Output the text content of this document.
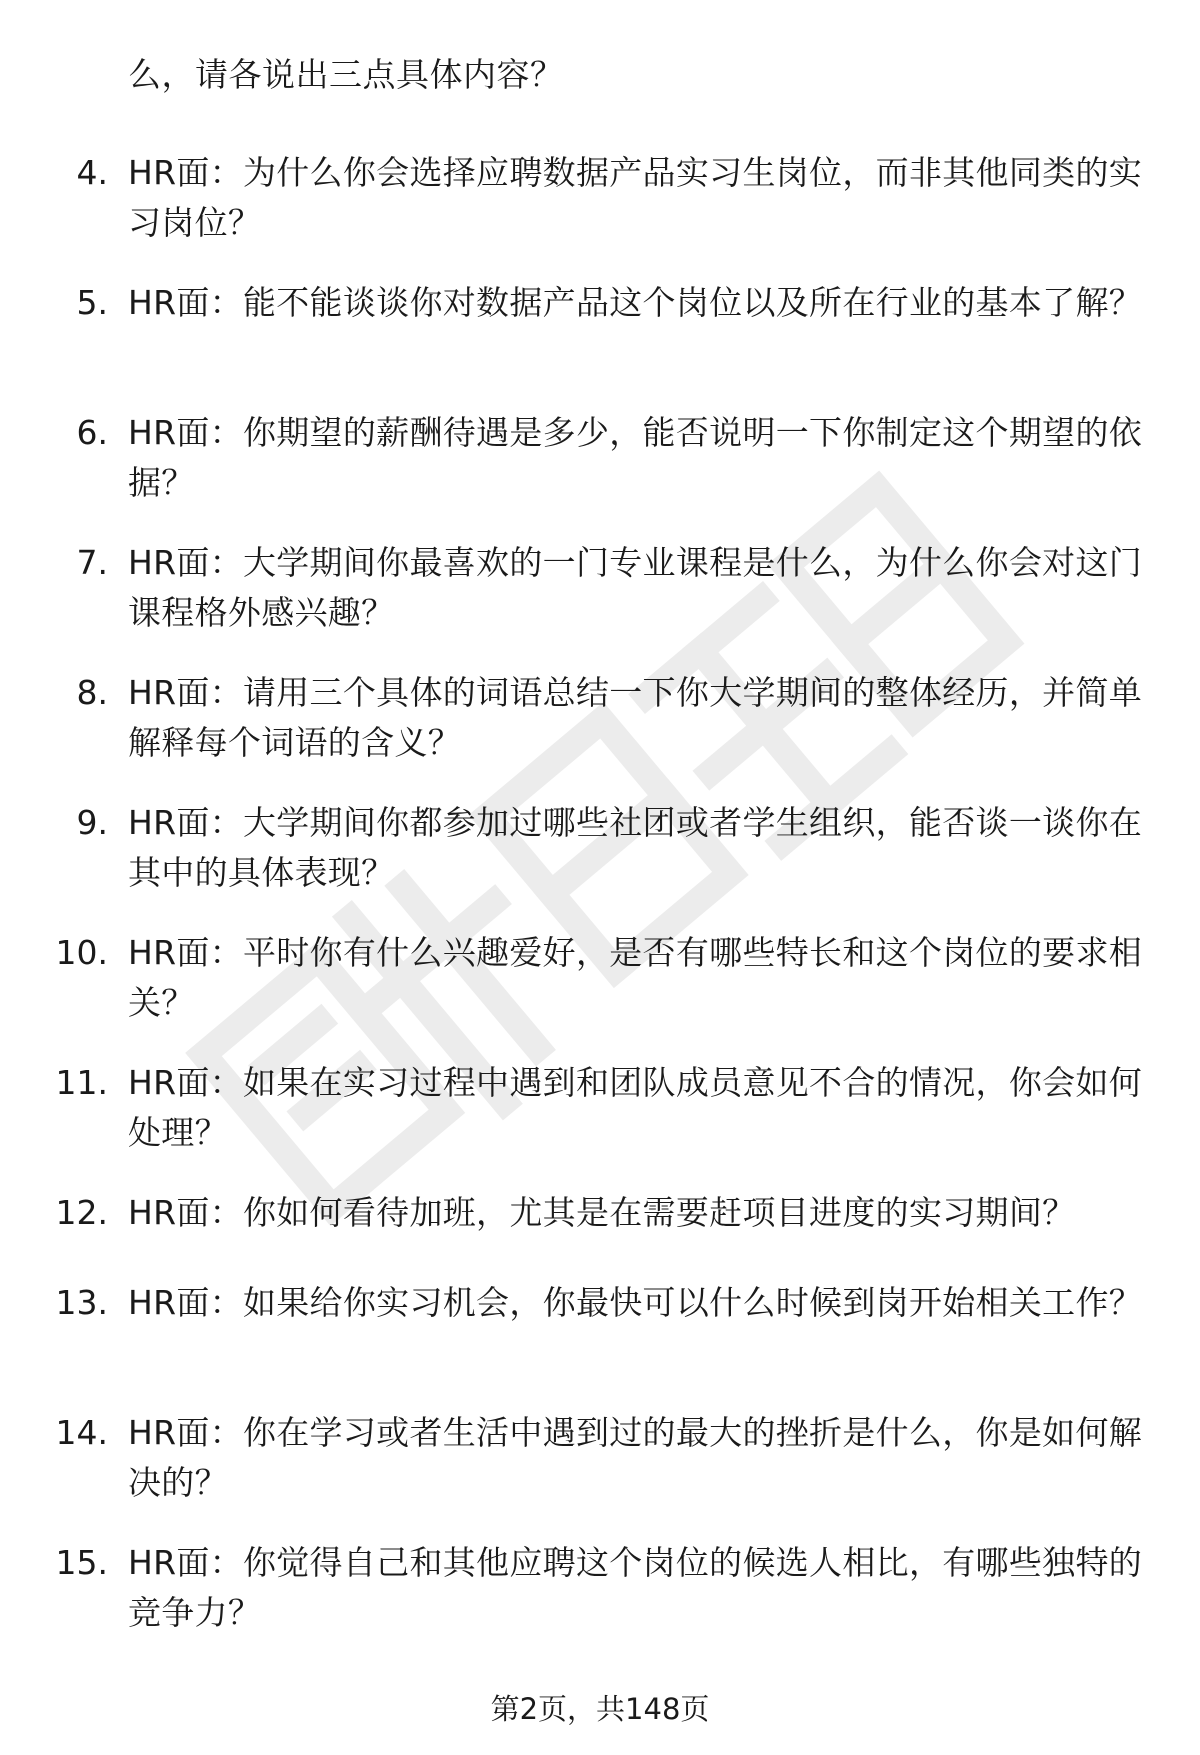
么，请各说出三点具体内容？
4. HR面：为什么你会选择应聘数据产品实习生岗位，而非其他同类的实习岗位？
5. HR面：能不能谈谈你对数据产品这个岗位以及所在行业的基本了解？
6. HR面：你期望的薪酬待遇是多少，能否说明一下你制定这个期望的依据？
7. HR面：大学期间你最喜欢的一门专业课程是什么，为什么你会对这门课程格外感兴趣？
8. HR面：请用三个具体的词语总结一下你大学期间的整体经历，并简单解释每个词语的含义？
9. HR面：大学期间你都参加过哪些社团或者学生组织，能否谈一谈你在其中的具体表现？
10. HR面：平时你有什么兴趣爱好，是否有哪些特长和这个岗位的要求相关？
11. HR面：如果在实习过程中遇到和团队成员意见不合的情况，你会如何处理？
12. HR面：你如何看待加班，尤其是在需要赶项目进度的实习期间？
13. HR面：如果给你实习机会，你最快可以什么时候到岗开始相关工作？
14. HR面：你在学习或者生活中遇到过的最大的挫折是什么，你是如何解决的？
15. HR面：你觉得自己和其他应聘这个岗位的候选人相比，有哪些独特的竞争力？
第2页，共148页
